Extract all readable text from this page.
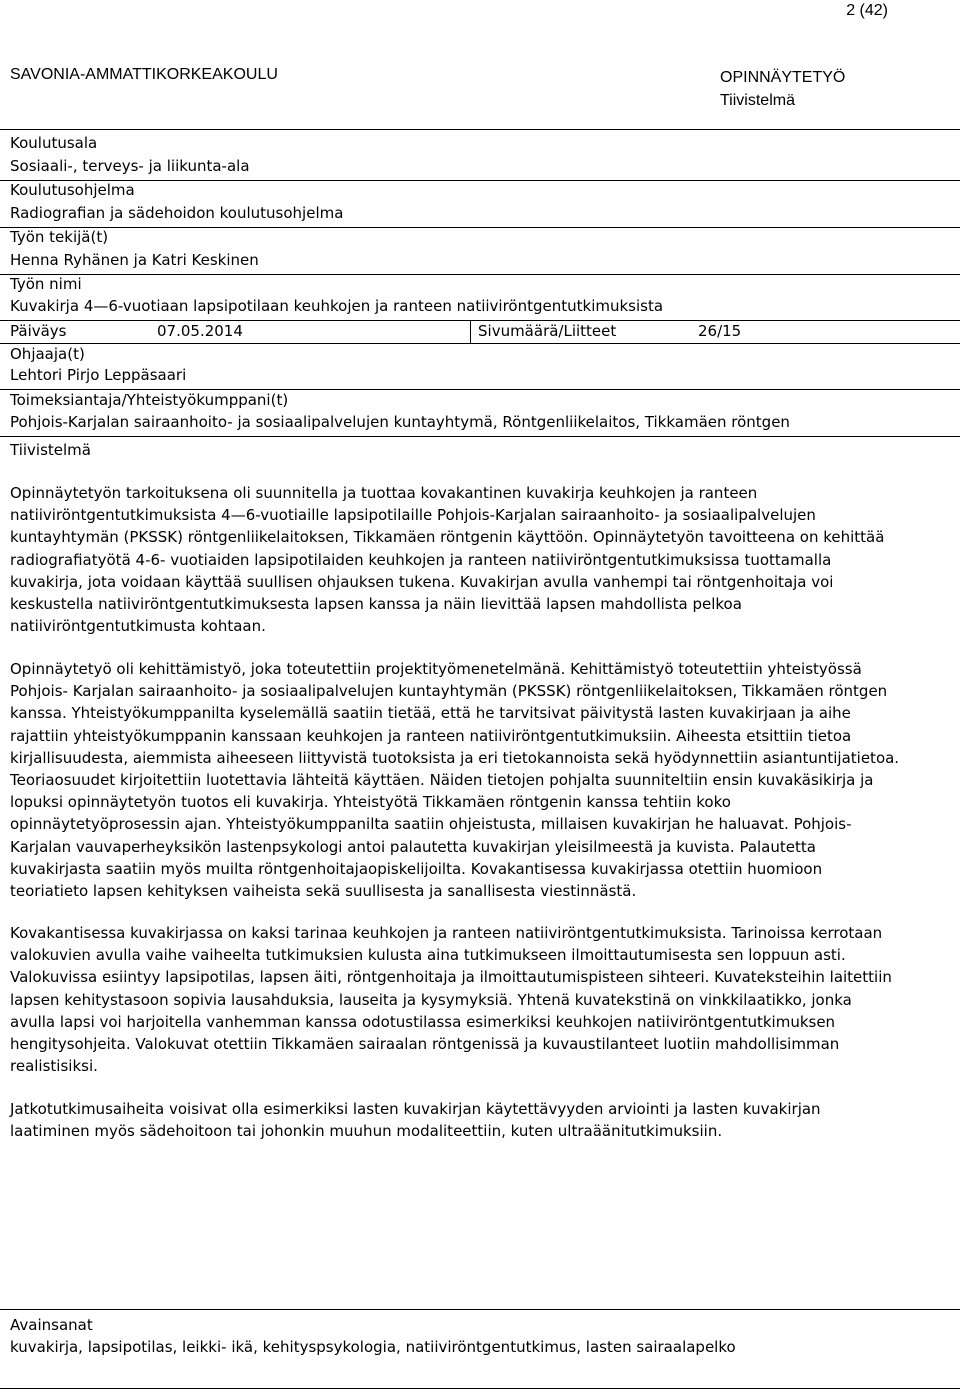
2 (42)
SAVONIA-AMMATTIKORKEAKOULU	OPINNÄYTETYÖ
Tiivistelmä
Koulutusala
Sosiaali-, terveys- ja liikunta-ala
Koulutusohjelma
Radiografian ja sädehoidon koulutusohjelma
Työn tekijä(t)
Henna Ryhänen ja Katri Keskinen
Työn nimi
Kuvakirja 4—6-vuotiaan lapsipotilaan keuhkojen ja ranteen natiiviröntgentutkimuksista
Päiväys	07.05.2014	Sivumäärä/Liitteet	26/15
Ohjaaja(t)
Lehtori Pirjo Leppäsaari
Toimeksiantaja/Yhteistyökumppani(t)
Pohjois-Karjalan sairaanhoito- ja sosiaalipalvelujen kuntayhtymä, Röntgenliikelaitos, Tikkamäen röntgen
Tiivistelmä
Opinnäytetyön tarkoituksena oli suunnitella ja tuottaa kovakantinen kuvakirja keuhkojen ja ranteen
natiiviröntgentutkimuksista 4—6-vuotiaille lapsipotilaille Pohjois-Karjalan sairaanhoito- ja sosiaalipalvelujen
kuntayhtymän (PKSSK) röntgenliikelaitoksen, Tikkamäen röntgenin käyttöön. Opinnäytetyön tavoitteena on kehittää
radiografiatyötä 4-6- vuotiaiden lapsipotilaiden keuhkojen ja ranteen natiiviröntgentutkimuksissa tuottamalla
kuvakirja, jota voidaan käyttää suullisen ohjauksen tukena. Kuvakirjan avulla vanhempi tai röntgenhoitaja voi
keskustella natiiviröntgentutkimuksesta lapsen kanssa ja näin lievittää lapsen mahdollista pelkoa
natiiviröntgentutkimusta kohtaan.
Opinnäytetyö oli kehittämistyö, joka toteutettiin projektityömenetelmänä. Kehittämistyö toteutettiin yhteistyössä
Pohjois- Karjalan sairaanhoito- ja sosiaalipalvelujen kuntayhtymän (PKSSK) röntgenliikelaitoksen, Tikkamäen röntgen
kanssa. Yhteistyökumppanilta kyselemällä saatiin tietää, että he tarvitsivat päivitystä lasten kuvakirjaan ja aihe
rajattiin yhteistyökumppanin kanssaan keuhkojen ja ranteen natiiviröntgentutkimuksiin. Aiheesta etsittiin tietoa
kirjallisuudesta, aiemmista aiheeseen liittyvistä tuotoksista ja eri tietokannoista sekä hyödynnettiin asiantuntijatietoa.
Teoriaosuudet kirjoitettiin luotettavia lähteitä käyttäen. Näiden tietojen pohjalta suunniteltiin ensin kuvakäsikirja ja
lopuksi opinnäytetyön tuotos eli kuvakirja. Yhteistyötä Tikkamäen röntgenin kanssa tehtiin koko
opinnäytetyöprosessin ajan. Yhteistyökumppanilta saatiin ohjeistusta, millaisen kuvakirjan he haluavat. Pohjois-
Karjalan vauvaperheyksikön lastenpsykologi antoi palautetta kuvakirjan yleisilmeestä ja kuvista. Palautetta
kuvakirjasta saatiin myös muilta röntgenhoitajaopiskelijoilta. Kovakantisessa kuvakirjassa otettiin huomioon
teoriatieto lapsen kehityksen vaiheista sekä suullisesta ja sanallisesta viestinnästä.
Kovakantisessa kuvakirjassa on kaksi tarinaa keuhkojen ja ranteen natiiviröntgentutkimuksista. Tarinoissa kerrotaan
valokuvien avulla vaihe vaiheelta tutkimuksien kulusta aina tutkimukseen ilmoittautumisesta sen loppuun asti.
Valokuvissa esiintyy lapsipotilas, lapsen äiti, röntgenhoitaja ja ilmoittautumispisteen sihteeri. Kuvateksteihin laitettiin
lapsen kehitystasoon sopivia lausahduksia, lauseita ja kysymyksiä. Yhtenä kuvatekstinä on vinkkilaatikko, jonka
avulla lapsi voi harjoitella vanhemman kanssa odotustilassa esimerkiksi keuhkojen natiiviröntgentutkimuksen
hengitysohjeita. Valokuvat otettiin Tikkamäen sairaalan röntgenissä ja kuvaustilanteet luotiin mahdollisimman
realistisiksi.
Jatkotutkimusaiheita voisivat olla esimerkiksi lasten kuvakirjan käytettävyyden arviointi ja lasten kuvakirjan
laatiminen myös sädehoitoon tai johonkin muuhun modaliteettiin, kuten ultraäänitutkimuksiin.
Avainsanat
kuvakirja, lapsipotilas, leikki- ikä, kehityspsykologia, natiiviröntgentutkimus, lasten sairaalapelko
